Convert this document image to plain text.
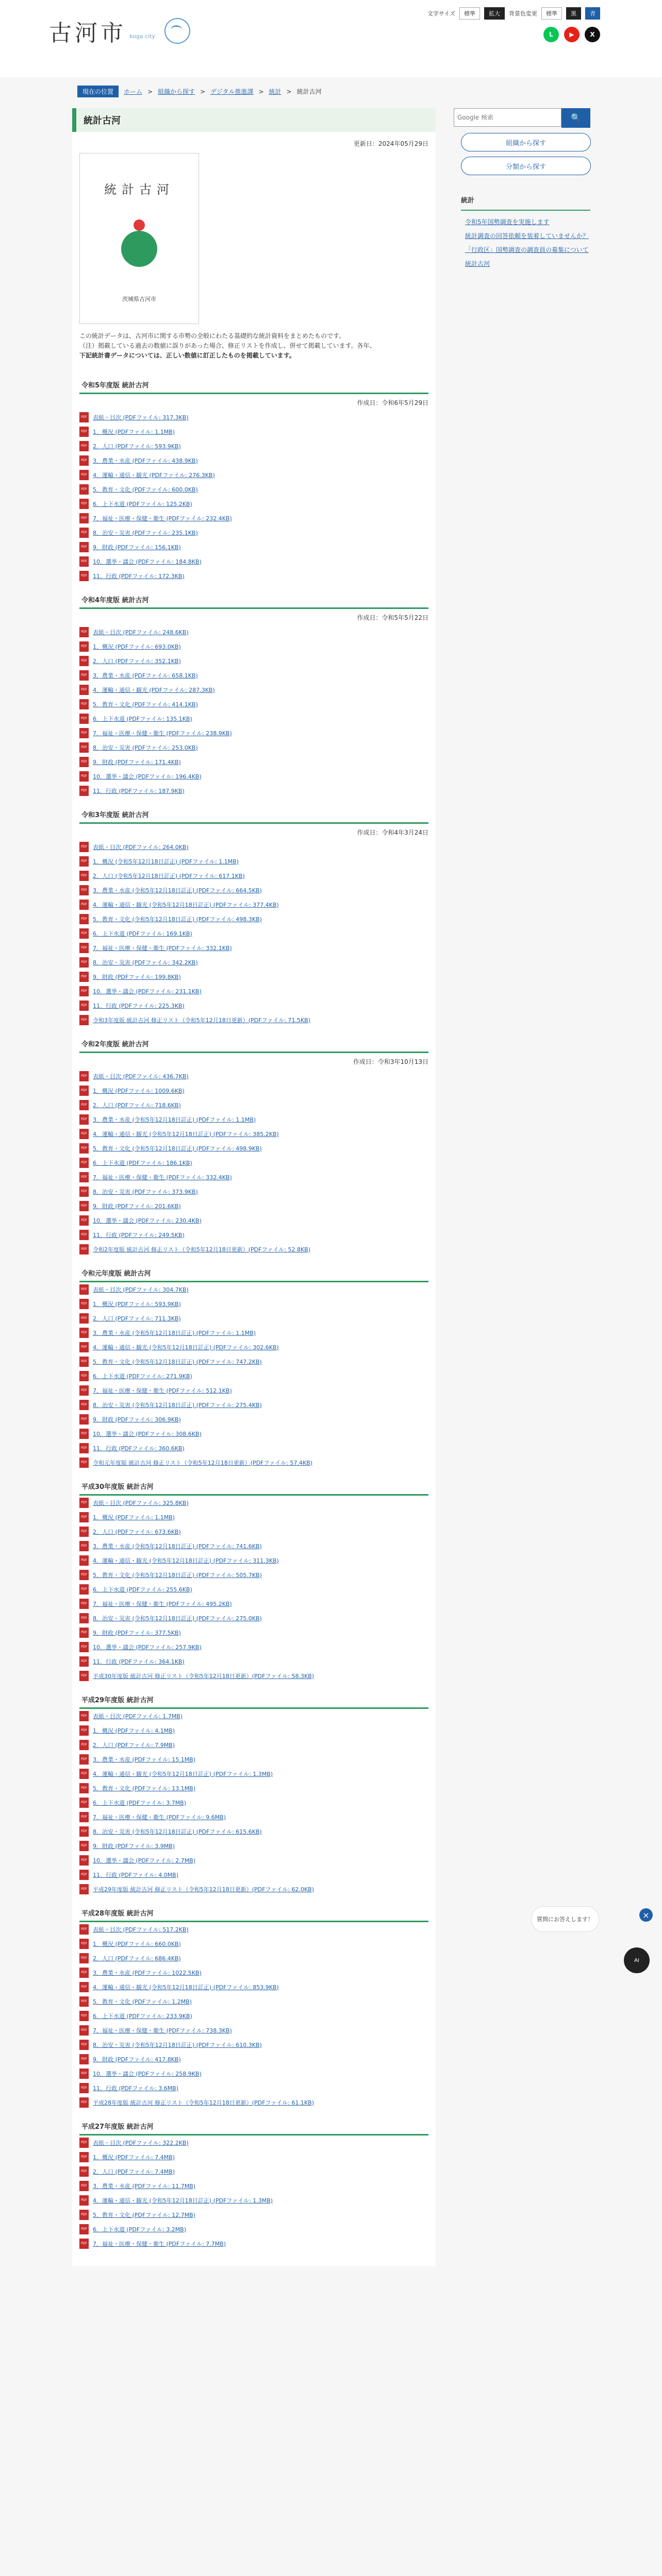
古河市 koga city
文字サイズ	標準	拡大	背景色変更	標準	黒	青
L	▶	X
現在の位置	ホーム > 組織から探す > デジタル推進課 > 統計 > 統計古河
統計古河
更新日：2024年05月29日
統計古河
茨城県古河市
この統計データは、古河市に関する市勢の全般にわたる基礎的な統計資料をまとめたものです。
（注）掲載している過去の数値に誤りがあった場合、修正リストを作成し、併せて掲載しています。各年、
下記統計書データについては、正しい数値に訂正したものを掲載しています。
令和5年度版 統計古河
作成日：令和6年5月29日
PDF 表紙・目次 (PDFファイル: 317.3KB)
PDF 1．概況 (PDFファイル: 1.1MB)
PDF 2．人口 (PDFファイル: 593.9KB)
PDF 3．農業・水産 (PDFファイル: 438.9KB)
PDF 4．運輸・通信・観光 (PDFファイル: 276.3KB)
PDF 5．教育・文化 (PDFファイル: 600.0KB)
PDF 6．上下水道 (PDFファイル: 125.2KB)
PDF 7．福祉・医療・保健・衛生 (PDFファイル: 232.4KB)
PDF 8．治安・災害 (PDFファイル: 235.1KB)
PDF 9．財政 (PDFファイル: 156.1KB)
PDF 10．選挙・議会 (PDFファイル: 184.8KB)
PDF 11．行政 (PDFファイル: 172.3KB)
令和4年度版 統計古河
作成日：令和5年5月22日
PDF 表紙・目次 (PDFファイル: 248.6KB)
PDF 1．概況 (PDFファイル: 693.0KB)
PDF 2．人口 (PDFファイル: 352.1KB)
PDF 3．農業・水産 (PDFファイル: 658.1KB)
PDF 4．運輸・通信・観光 (PDFファイル: 287.3KB)
PDF 5．教育・文化 (PDFファイル: 414.1KB)
PDF 6．上下水道 (PDFファイル: 135.1KB)
PDF 7．福祉・医療・保健・衛生 (PDFファイル: 238.9KB)
PDF 8．治安・災害 (PDFファイル: 253.0KB)
PDF 9．財政 (PDFファイル: 171.4KB)
PDF 10．選挙・議会 (PDFファイル: 196.4KB)
PDF 11．行政 (PDFファイル: 187.9KB)
令和3年度版 統計古河
作成日：令和4年3月24日
PDF 表紙・目次 (PDFファイル: 264.0KB)
PDF 1．概況 (令和5年12月18日訂正) (PDFファイル: 1.1MB)
PDF 2．人口 (令和5年12月18日訂正) (PDFファイル: 617.1KB)
PDF 3．農業・水産 (令和5年12月18日訂正) (PDFファイル: 664.5KB)
PDF 4．運輸・通信・観光 (令和5年12月18日訂正) (PDFファイル: 377.4KB)
PDF 5．教育・文化 (令和5年12月18日訂正) (PDFファイル: 498.3KB)
PDF 6．上下水道 (PDFファイル: 169.1KB)
PDF 7．福祉・医療・保健・衛生 (PDFファイル: 332.1KB)
PDF 8．治安・災害 (PDFファイル: 342.2KB)
PDF 9．財政 (PDFファイル: 199.8KB)
PDF 10．選挙・議会 (PDFファイル: 231.1KB)
PDF 11．行政 (PDFファイル: 225.3KB)
PDF 令和3年度版 統計古河 修正リスト（令和5年12月18日更新）(PDFファイル: 71.5KB)
令和2年度版 統計古河
作成日：令和3年10月13日
PDF 表紙・目次 (PDFファイル: 436.7KB)
PDF 1．概況 (PDFファイル: 1009.6KB)
PDF 2．人口 (PDFファイル: 718.6KB)
PDF 3．農業・水産 (令和5年12月18日訂正) (PDFファイル: 1.1MB)
PDF 4．運輸・通信・観光 (令和5年12月18日訂正) (PDFファイル: 385.2KB)
PDF 5．教育・文化 (令和5年12月18日訂正) (PDFファイル: 498.9KB)
PDF 6．上下水道 (PDFファイル: 186.1KB)
PDF 7．福祉・医療・保健・衛生 (PDFファイル: 332.4KB)
PDF 8．治安・災害 (PDFファイル: 373.9KB)
PDF 9．財政 (PDFファイル: 201.6KB)
PDF 10．選挙・議会 (PDFファイル: 230.4KB)
PDF 11．行政 (PDFファイル: 249.5KB)
PDF 令和2年度版 統計古河 修正リスト（令和5年12月18日更新）(PDFファイル: 52.8KB)
令和元年度版 統計古河
PDF 表紙・目次 (PDFファイル: 304.7KB)
PDF 1．概況 (PDFファイル: 593.9KB)
PDF 2．人口 (PDFファイル: 711.3KB)
PDF 3．農業・水産 (令和5年12月18日訂正) (PDFファイル: 1.1MB)
PDF 4．運輸・通信・観光 (令和5年12月18日訂正) (PDFファイル: 302.6KB)
PDF 5．教育・文化 (令和5年12月18日訂正) (PDFファイル: 747.2KB)
PDF 6．上下水道 (PDFファイル: 271.9KB)
PDF 7．福祉・医療・保健・衛生 (PDFファイル: 512.1KB)
PDF 8．治安・災害 (令和5年12月18日訂正) (PDFファイル: 275.4KB)
PDF 9．財政 (PDFファイル: 306.9KB)
PDF 10．選挙・議会 (PDFファイル: 308.6KB)
PDF 11．行政 (PDFファイル: 360.6KB)
PDF 令和元年度版 統計古河 修正リスト（令和5年12月18日更新）(PDFファイル: 57.4KB)
平成30年度版 統計古河
PDF 表紙・目次 (PDFファイル: 325.8KB)
PDF 1．概況 (PDFファイル: 1.1MB)
PDF 2．人口 (PDFファイル: 673.6KB)
PDF 3．農業・水産 (令和5年12月18日訂正) (PDFファイル: 741.6KB)
PDF 4．運輸・通信・観光 (令和5年12月18日訂正) (PDFファイル: 311.3KB)
PDF 5．教育・文化 (令和5年12月18日訂正) (PDFファイル: 505.7KB)
PDF 6．上下水道 (PDFファイル: 255.6KB)
PDF 7．福祉・医療・保健・衛生 (PDFファイル: 495.2KB)
PDF 8．治安・災害 (令和5年12月18日訂正) (PDFファイル: 275.0KB)
PDF 9．財政 (PDFファイル: 377.5KB)
PDF 10．選挙・議会 (PDFファイル: 257.9KB)
PDF 11．行政 (PDFファイル: 364.1KB)
PDF 平成30年度版 統計古河 修正リスト（令和5年12月18日更新）(PDFファイル: 58.3KB)
平成29年度版 統計古河
PDF 表紙・目次 (PDFファイル: 1.7MB)
PDF 1．概況 (PDFファイル: 4.1MB)
PDF 2．人口 (PDFファイル: 7.9MB)
PDF 3．農業・水産 (PDFファイル: 15.1MB)
PDF 4．運輸・通信・観光 (令和5年12月18日訂正) (PDFファイル: 1.3MB)
PDF 5．教育・文化 (PDFファイル: 13.1MB)
PDF 6．上下水道 (PDFファイル: 3.7MB)
PDF 7．福祉・医療・保健・衛生 (PDFファイル: 9.6MB)
PDF 8．治安・災害 (令和5年12月18日訂正) (PDFファイル: 615.6KB)
PDF 9．財政 (PDFファイル: 3.9MB)
PDF 10．選挙・議会 (PDFファイル: 2.7MB)
PDF 11．行政 (PDFファイル: 4.0MB)
PDF 平成29年度版 統計古河 修正リスト（令和5年12月18日更新）(PDFファイル: 62.0KB)
平成28年度版 統計古河
PDF 表紙・目次 (PDFファイル: 517.2KB)
PDF 1．概況 (PDFファイル: 660.0KB)
PDF 2．人口 (PDFファイル: 686.4KB)
PDF 3．農業・水産 (PDFファイル: 1022.5KB)
PDF 4．運輸・通信・観光 (令和5年12月18日訂正) (PDFファイル: 853.9KB)
PDF 5．教育・文化 (PDFファイル: 1.2MB)
PDF 6．上下水道 (PDFファイル: 233.9KB)
PDF 7．福祉・医療・保健・衛生 (PDFファイル: 738.3KB)
PDF 8．治安・災害 (令和5年12月18日訂正) (PDFファイル: 610.3KB)
PDF 9．財政 (PDFファイル: 417.8KB)
PDF 10．選挙・議会 (PDFファイル: 258.9KB)
PDF 11．行政 (PDFファイル: 3.6MB)
PDF 平成28年度版 統計古河 修正リスト（令和5年12月18日更新）(PDFファイル: 61.1KB)
平成27年度版 統計古河
PDF 表紙・目次 (PDFファイル: 322.2KB)
PDF 1．概況 (PDFファイル: 7.4MB)
PDF 2．人口 (PDFファイル: 7.4MB)
PDF 3．農業・水産 (PDFファイル: 11.7MB)
PDF 4．運輸・通信・観光 (令和5年12月18日訂正) (PDFファイル: 1.3MB)
PDF 5．教育・文化 (PDFファイル: 12.7MB)
PDF 6．上下水道 (PDFファイル: 3.2MB)
PDF 7．福祉・医療・保健・衛生 (PDFファイル: 7.7MB)
Google 検索
🔍
組織から探す
分類から探す
統計
令和5年国勢調査を実施します
統計調査の回答依頼を装着していませんか？
「行政区」国勢調査の調査員の募集について
統計古河
質問にお答えします！	×
AI
